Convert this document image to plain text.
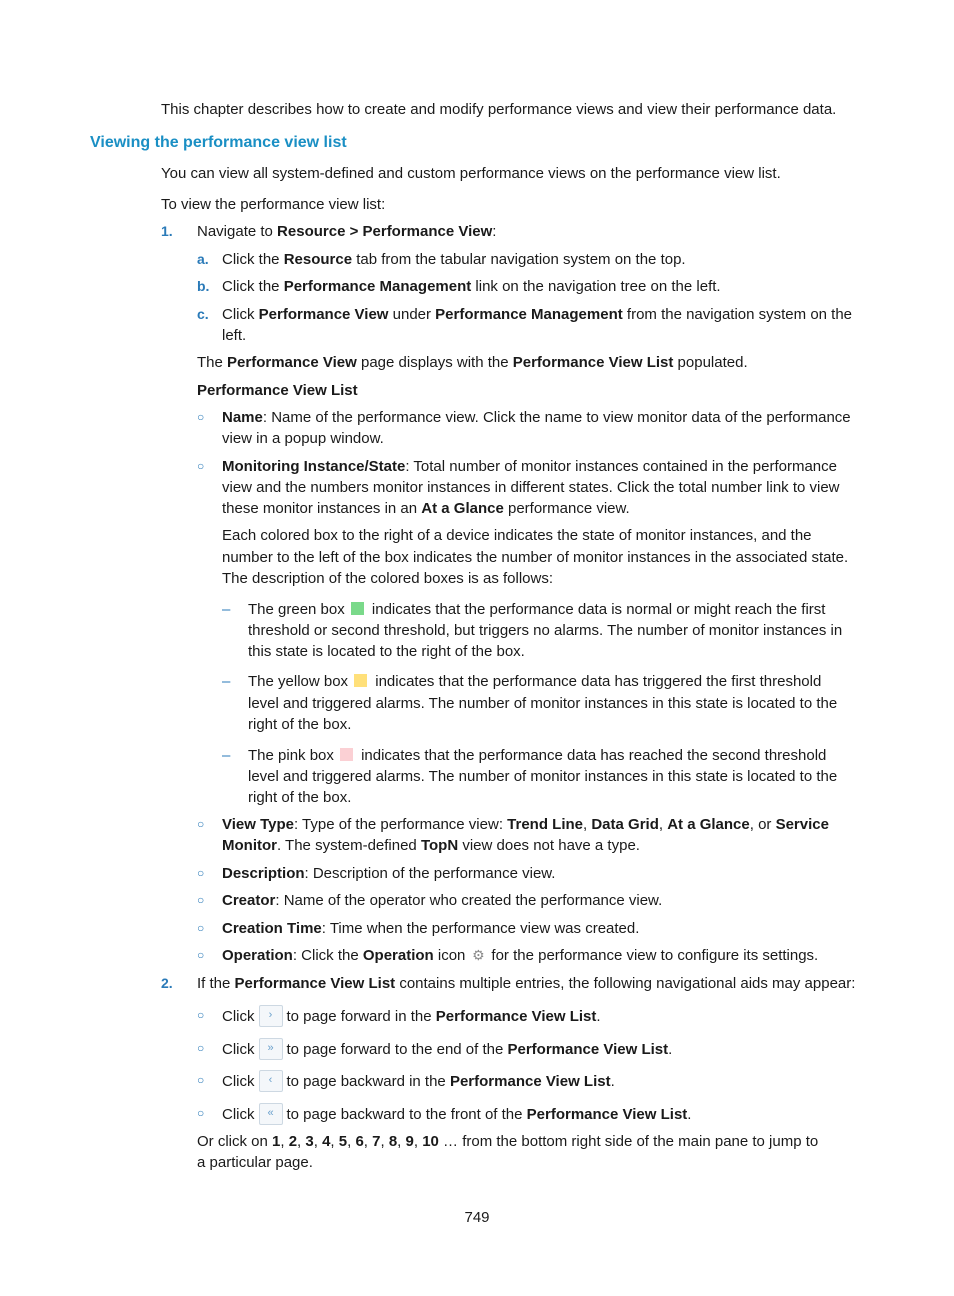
This chapter describes how to create and modify performance views and view their performance data.
Viewing the performance view list
You can view all system-defined and custom performance views on the performance view list.
To view the performance view list:
1. Navigate to Resource > Performance View:
a. Click the Resource tab from the tabular navigation system on the top.
b. Click the Performance Management link on the navigation tree on the left.
c. Click Performance View under Performance Management from the navigation system on the
left.
The Performance View page displays with the Performance View List populated.
Performance View List
○ Name: Name of the performance view. Click the name to view monitor data of the performance
view in a popup window.
○ Monitoring Instance/State: Total number of monitor instances contained in the performance
view and the numbers monitor instances in different states. Click the total number link to view
these monitor instances in an At a Glance performance view.
Each colored box to the right of a device indicates the state of monitor instances, and the
number to the left of the box indicates the number of monitor instances in the associated state.
The description of the colored boxes is as follows:
– The green box indicates that the performance data is normal or might reach the first
threshold or second threshold, but triggers no alarms. The number of monitor instances in
this state is located to the right of the box.
– The yellow box indicates that the performance data has triggered the first threshold
level and triggered alarms. The number of monitor instances in this state is located to the
right of the box.
– The pink box indicates that the performance data has reached the second threshold
level and triggered alarms. The number of monitor instances in this state is located to the
right of the box.
○ View Type: Type of the performance view: Trend Line, Data Grid, At a Glance, or Service
Monitor. The system-defined TopN view does not have a type.
○ Description: Description of the performance view.
○ Creator: Name of the operator who created the performance view.
○ Creation Time: Time when the performance view was created.
○ Operation: Click the Operation icon ⚙ for the performance view to configure its settings.
2. If the Performance View List contains multiple entries, the following navigational aids may appear:
○ Click › to page forward in the Performance View List.
○ Click » to page forward to the end of the Performance View List.
○ Click ‹ to page backward in the Performance View List.
○ Click « to page backward to the front of the Performance View List.
Or click on 1, 2, 3, 4, 5, 6, 7, 8, 9, 10 … from the bottom right side of the main pane to jump to
a particular page.
749
